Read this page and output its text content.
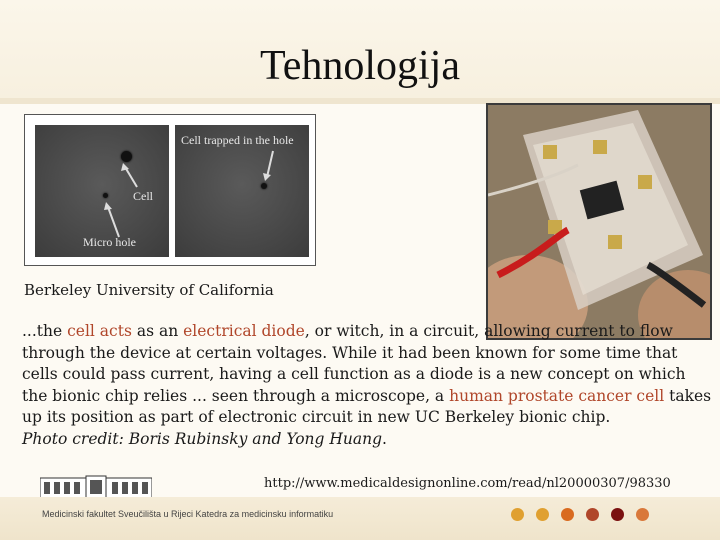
Tehnologija
Cell
Micro hole
Cell trapped in the hole
Berkeley University of California
...the cell acts as an electrical diode, or witch, in a circuit, allowing current to flow through the device at certain voltages. While it had been known for some time that cells could pass current, having a cell function as a diode is a new concept on which the bionic chip relies ... seen through a microscope, a human prostate cancer cell takes up its position as part of electronic circuit in new UC Berkeley bionic chip.
Photo credit: Boris Rubinsky and Yong Huang.
http://www.medicaldesignonline.com/read/nl20000307/98330
Medicinski fakultet Sveučilišta u Rijeci Katedra za medicinsku informatiku
